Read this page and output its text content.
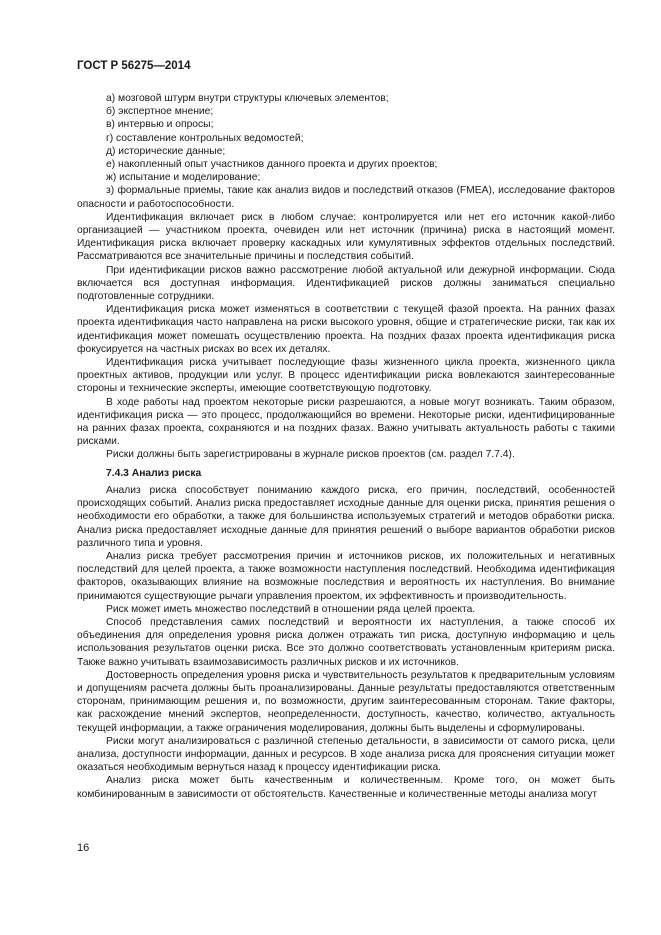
ГОСТ Р 56275—2014

а) мозговой штурм внутри структуры ключевых элементов;

б) экспертное мнение;

в) интервью и опросы;

г) составление контрольных ведомостей;

д) исторические данные;

е) накопленный опыт участников данного проекта и других проектов;

ж) испытание и моделирование;

з) формальные приемы, такие как анализ видов и последствий отказов (FMEA), исследование факторов опасности и работоспособности.

Идентификация включает риск в любом случае: контролируется или нет его источник какой-либо организацией — участником проекта, очевиден или нет источник (причина) риска в настоящий момент. Идентификация риска включает проверку каскадных или кумулятивных эффектов отдельных последствий. Рассматриваются все значительные причины и последствия событий.

При идентификации рисков важно рассмотрение любой актуальной или дежурной информации. Сюда включается вся доступная информация. Идентификацией рисков должны заниматься специально подготовленные сотрудники.

Идентификация риска может изменяться в соответствии с текущей фазой проекта. На ранних фазах проекта идентификация часто направлена на риски высокого уровня, общие и стратегические риски, так как их идентификация может помешать осуществлению проекта. На поздних фазах проекта идентификация риска фокусируется на частных рисках во всех их деталях.

Идентификация риска учитывает последующие фазы жизненного цикла проекта, жизненного цикла проектных активов, продукции или услуг. В процесс идентификации риска вовлекаются заинтересованные стороны и технические эксперты, имеющие соответствующую подготовку.

В ходе работы над проектом некоторые риски разрешаются, а новые могут возникать. Таким образом, идентификация риска — это процесс, продолжающийся во времени. Некоторые риски, идентифицированные на ранних фазах проекта, сохраняются и на поздних фазах. Важно учитывать актуальность работы с такими рисками.

Риски должны быть зарегистрированы в журнале рисков проектов (см. раздел 7.7.4).

7.4.3 Анализ риска

Анализ риска способствует пониманию каждого риска, его причин, последствий, особенностей происходящих событий. Анализ риска предоставляет исходные данные для оценки риска, принятия решения о необходимости его обработки, а также для большинства используемых стратегий и методов обработки риска. Анализ риска предоставляет исходные данные для принятия решений о выборе вариантов обработки рисков различного типа и уровня.

Анализ риска требует рассмотрения причин и источников рисков, их положительных и негативных последствий для целей проекта, а также возможности наступления последствий. Необходима идентификация факторов, оказывающих влияние на возможные последствия и вероятность их наступления. Во внимание принимаются существующие рычаги управления проектом, их эффективность и производительность.

Риск может иметь множество последствий в отношении ряда целей проекта.

Способ представления самих последствий и вероятности их наступления, а также способ их объединения для определения уровня риска должен отражать тип риска, доступную информацию и цель использования результатов оценки риска. Все это должно соответствовать установленным критериям риска. Также важно учитывать взаимозависимость различных рисков и их источников.

Достоверность определения уровня риска и чувствительность результатов к предварительным условиям и допущениям расчета должны быть проанализированы. Данные результаты предоставляются ответственным сторонам, принимающим решения и, по возможности, другим заинтересованным сторонам. Такие факторы, как расхождение мнений экспертов, неопределенности, доступность, качество, количество, актуальность текущей информации, а также ограничения моделирования, должны быть выделены и сформулированы.

Риски могут анализироваться с различной степенью детальности, в зависимости от самого риска, цели анализа, доступности информации, данных и ресурсов. В ходе анализа риска для прояснения ситуации может оказаться необходимым вернуться назад к процессу идентификации риска.

Анализ риска может быть качественным и количественным. Кроме того, он может быть комбинированным в зависимости от обстоятельств. Качественные и количественные методы анализа могут

16
